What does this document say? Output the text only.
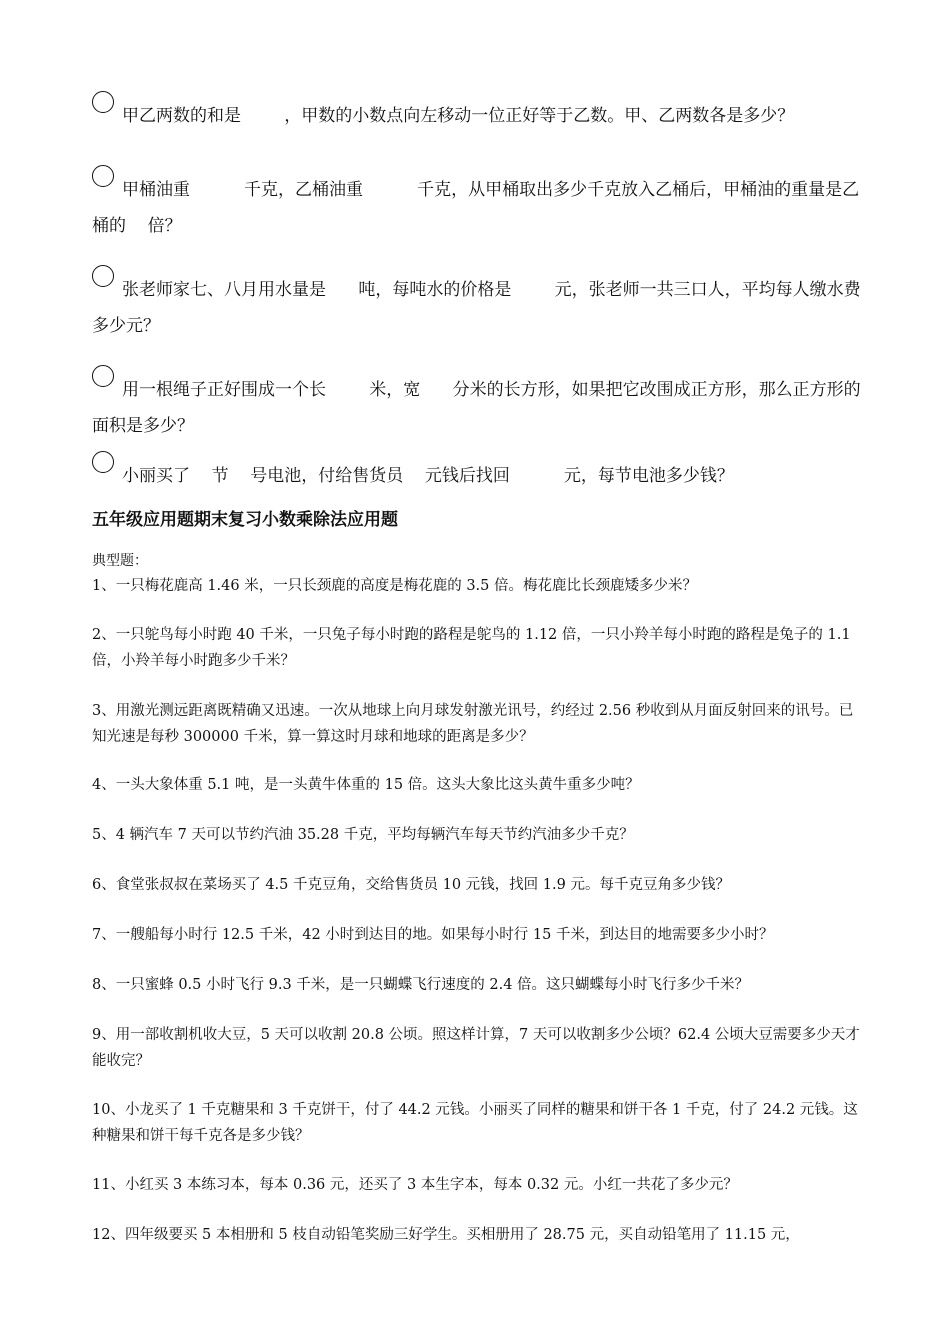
甲乙两数的和是        ，甲数的小数点向左移动一位正好等于乙数。甲、乙两数各是多少？
甲桶油重          千克，乙桶油重          千克，从甲桶取出多少千克放入乙桶后，甲桶油的重量是乙桶的    倍？
张老师家七、八月用水量是      吨，每吨水的价格是        元，张老师一共三口人，平均每人缴水费多少元？
用一根绳子正好围成一个长        米，宽      分米的长方形，如果把它改围成正方形，那么正方形的面积是多少？
小丽买了    节    号电池，付给售货员    元钱后找回          元，每节电池多少钱？
五年级应用题期末复习小数乘除法应用题
典型题：
1、一只梅花鹿高 1.46 米，一只长颈鹿的高度是梅花鹿的 3.5 倍。梅花鹿比长颈鹿矮多少米？
2、一只鸵鸟每小时跑 40 千米，一只兔子每小时跑的路程是鸵鸟的 1.12 倍，一只小羚羊每小时跑的路程是兔子的 1.1 倍，小羚羊每小时跑多少千米？
3、用激光测远距离既精确又迅速。一次从地球上向月球发射激光讯号，约经过 2.56 秒收到从月面反射回来的讯号。已知光速是每秒 300000 千米，算一算这时月球和地球的距离是多少？
4、一头大象体重 5.1 吨，是一头黄牛体重的 15 倍。这头大象比这头黄牛重多少吨？
5、4 辆汽车 7 天可以节约汽油 35.28 千克，平均每辆汽车每天节约汽油多少千克？
6、食堂张叔叔在菜场买了 4.5 千克豆角，交给售货员 10 元钱，找回 1.9 元。每千克豆角多少钱？
7、一艘船每小时行 12.5 千米，42 小时到达目的地。如果每小时行 15 千米，到达目的地需要多少小时？
8、一只蜜蜂 0.5 小时飞行 9.3 千米，是一只蝴蝶飞行速度的 2.4 倍。这只蝴蝶每小时飞行多少千米？
9、用一部收割机收大豆，5 天可以收割 20.8 公顷。照这样计算，7 天可以收割多少公顷？62.4 公顷大豆需要多少天才能收完？
10、小龙买了 1 千克糖果和 3 千克饼干，付了 44.2 元钱。小丽买了同样的糖果和饼干各 1 千克，付了 24.2 元钱。这种糖果和饼干每千克各是多少钱？
11、小红买 3 本练习本，每本 0.36 元，还买了 3 本生字本，每本 0.32 元。小红一共花了多少元？
12、四年级要买 5 本相册和 5 枝自动铅笔奖励三好学生。买相册用了 28.75 元，买自动铅笔用了 11.15 元，
